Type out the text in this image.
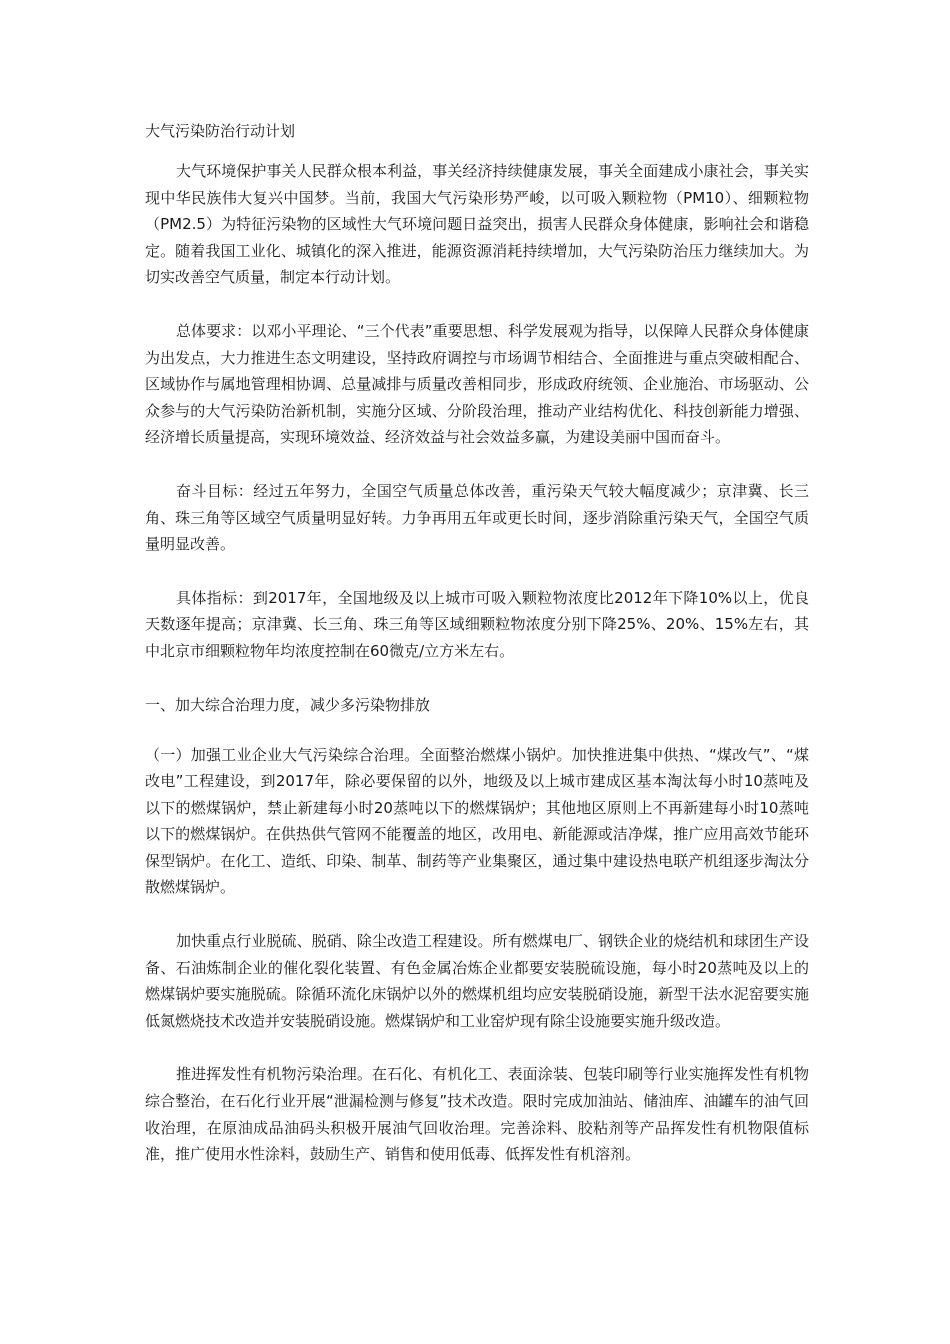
大气污染防治行动计划

大气环境保护事关人民群众根本利益，事关经济持续健康发展，事关全面建成小康社会，事关实现中华民族伟大复兴中国梦。当前，我国大气污染形势严峻，以可吸入颗粒物（PM10）、细颗粒物（PM2.5）为特征污染物的区域性大气环境问题日益突出，损害人民群众身体健康，影响社会和谐稳定。随着我国工业化、城镇化的深入推进，能源资源消耗持续增加，大气污染防治压力继续加大。为切实改善空气质量，制定本行动计划。

总体要求：以邓小平理论、“三个代表”重要思想、科学发展观为指导，以保障人民群众身体健康为出发点，大力推进生态文明建设，坚持政府调控与市场调节相结合、全面推进与重点突破相配合、区域协作与属地管理相协调、总量减排与质量改善相同步，形成政府统领、企业施治、市场驱动、公众参与的大气污染防治新机制，实施分区域、分阶段治理，推动产业结构优化、科技创新能力增强、经济增长质量提高，实现环境效益、经济效益与社会效益多赢，为建设美丽中国而奋斗。

奋斗目标：经过五年努力，全国空气质量总体改善，重污染天气较大幅度减少；京津冀、长三角、珠三角等区域空气质量明显好转。力争再用五年或更长时间，逐步消除重污染天气，全国空气质量明显改善。

具体指标：到2017年，全国地级及以上城市可吸入颗粒物浓度比2012年下降10%以上，优良天数逐年提高；京津冀、长三角、珠三角等区域细颗粒物浓度分别下降25%、20%、15%左右，其中北京市细颗粒物年均浓度控制在60微克/立方米左右。

一、加大综合治理力度，减少多污染物排放

（一）加强工业企业大气污染综合治理。全面整治燃煤小锅炉。加快推进集中供热、“煤改气”、“煤改电”工程建设，到2017年，除必要保留的以外，地级及以上城市建成区基本淘汰每小时10蒸吨及以下的燃煤锅炉，禁止新建每小时20蒸吨以下的燃煤锅炉；其他地区原则上不再新建每小时10蒸吨以下的燃煤锅炉。在供热供气管网不能覆盖的地区，改用电、新能源或洁净煤，推广应用高效节能环保型锅炉。在化工、造纸、印染、制革、制药等产业集聚区，通过集中建设热电联产机组逐步淘汰分散燃煤锅炉。

加快重点行业脱硫、脱硝、除尘改造工程建设。所有燃煤电厂、钢铁企业的烧结机和球团生产设备、石油炼制企业的催化裂化装置、有色金属冶炼企业都要安装脱硫设施，每小时20蒸吨及以上的燃煤锅炉要实施脱硫。除循环流化床锅炉以外的燃煤机组均应安装脱硝设施，新型干法水泥窑要实施低氮燃烧技术改造并安装脱硝设施。燃煤锅炉和工业窑炉现有除尘设施要实施升级改造。

推进挥发性有机物污染治理。在石化、有机化工、表面涂装、包装印刷等行业实施挥发性有机物综合整治，在石化行业开展“泄漏检测与修复”技术改造。限时完成加油站、储油库、油罐车的油气回收治理，在原油成品油码头积极开展油气回收治理。完善涂料、胶粘剂等产品挥发性有机物限值标准，推广使用水性涂料，鼓励生产、销售和使用低毒、低挥发性有机溶剂。
